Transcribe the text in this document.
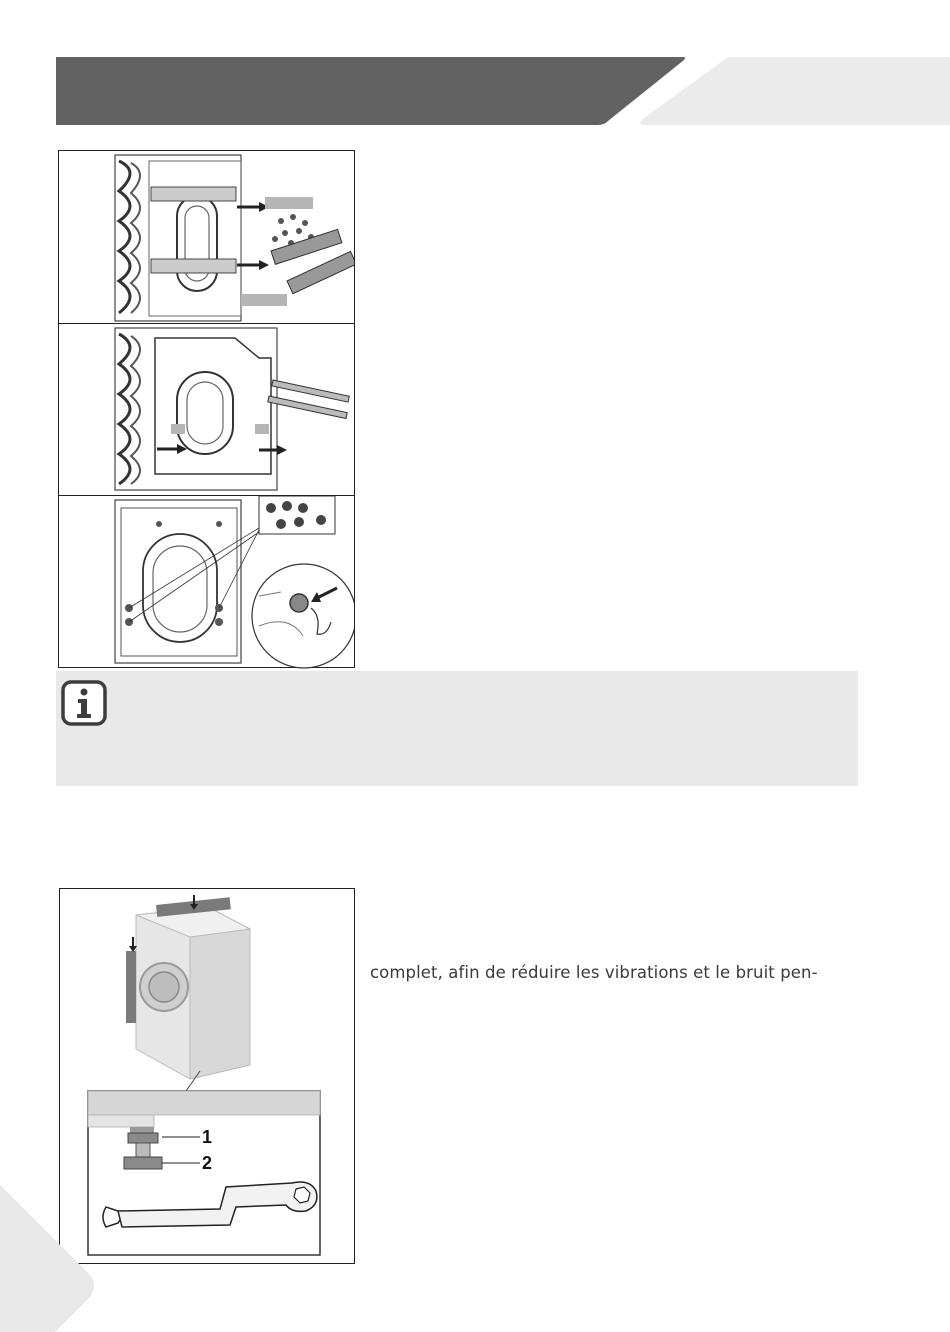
1
2
complet, afin de réduire les vibrations et le bruit pen-
